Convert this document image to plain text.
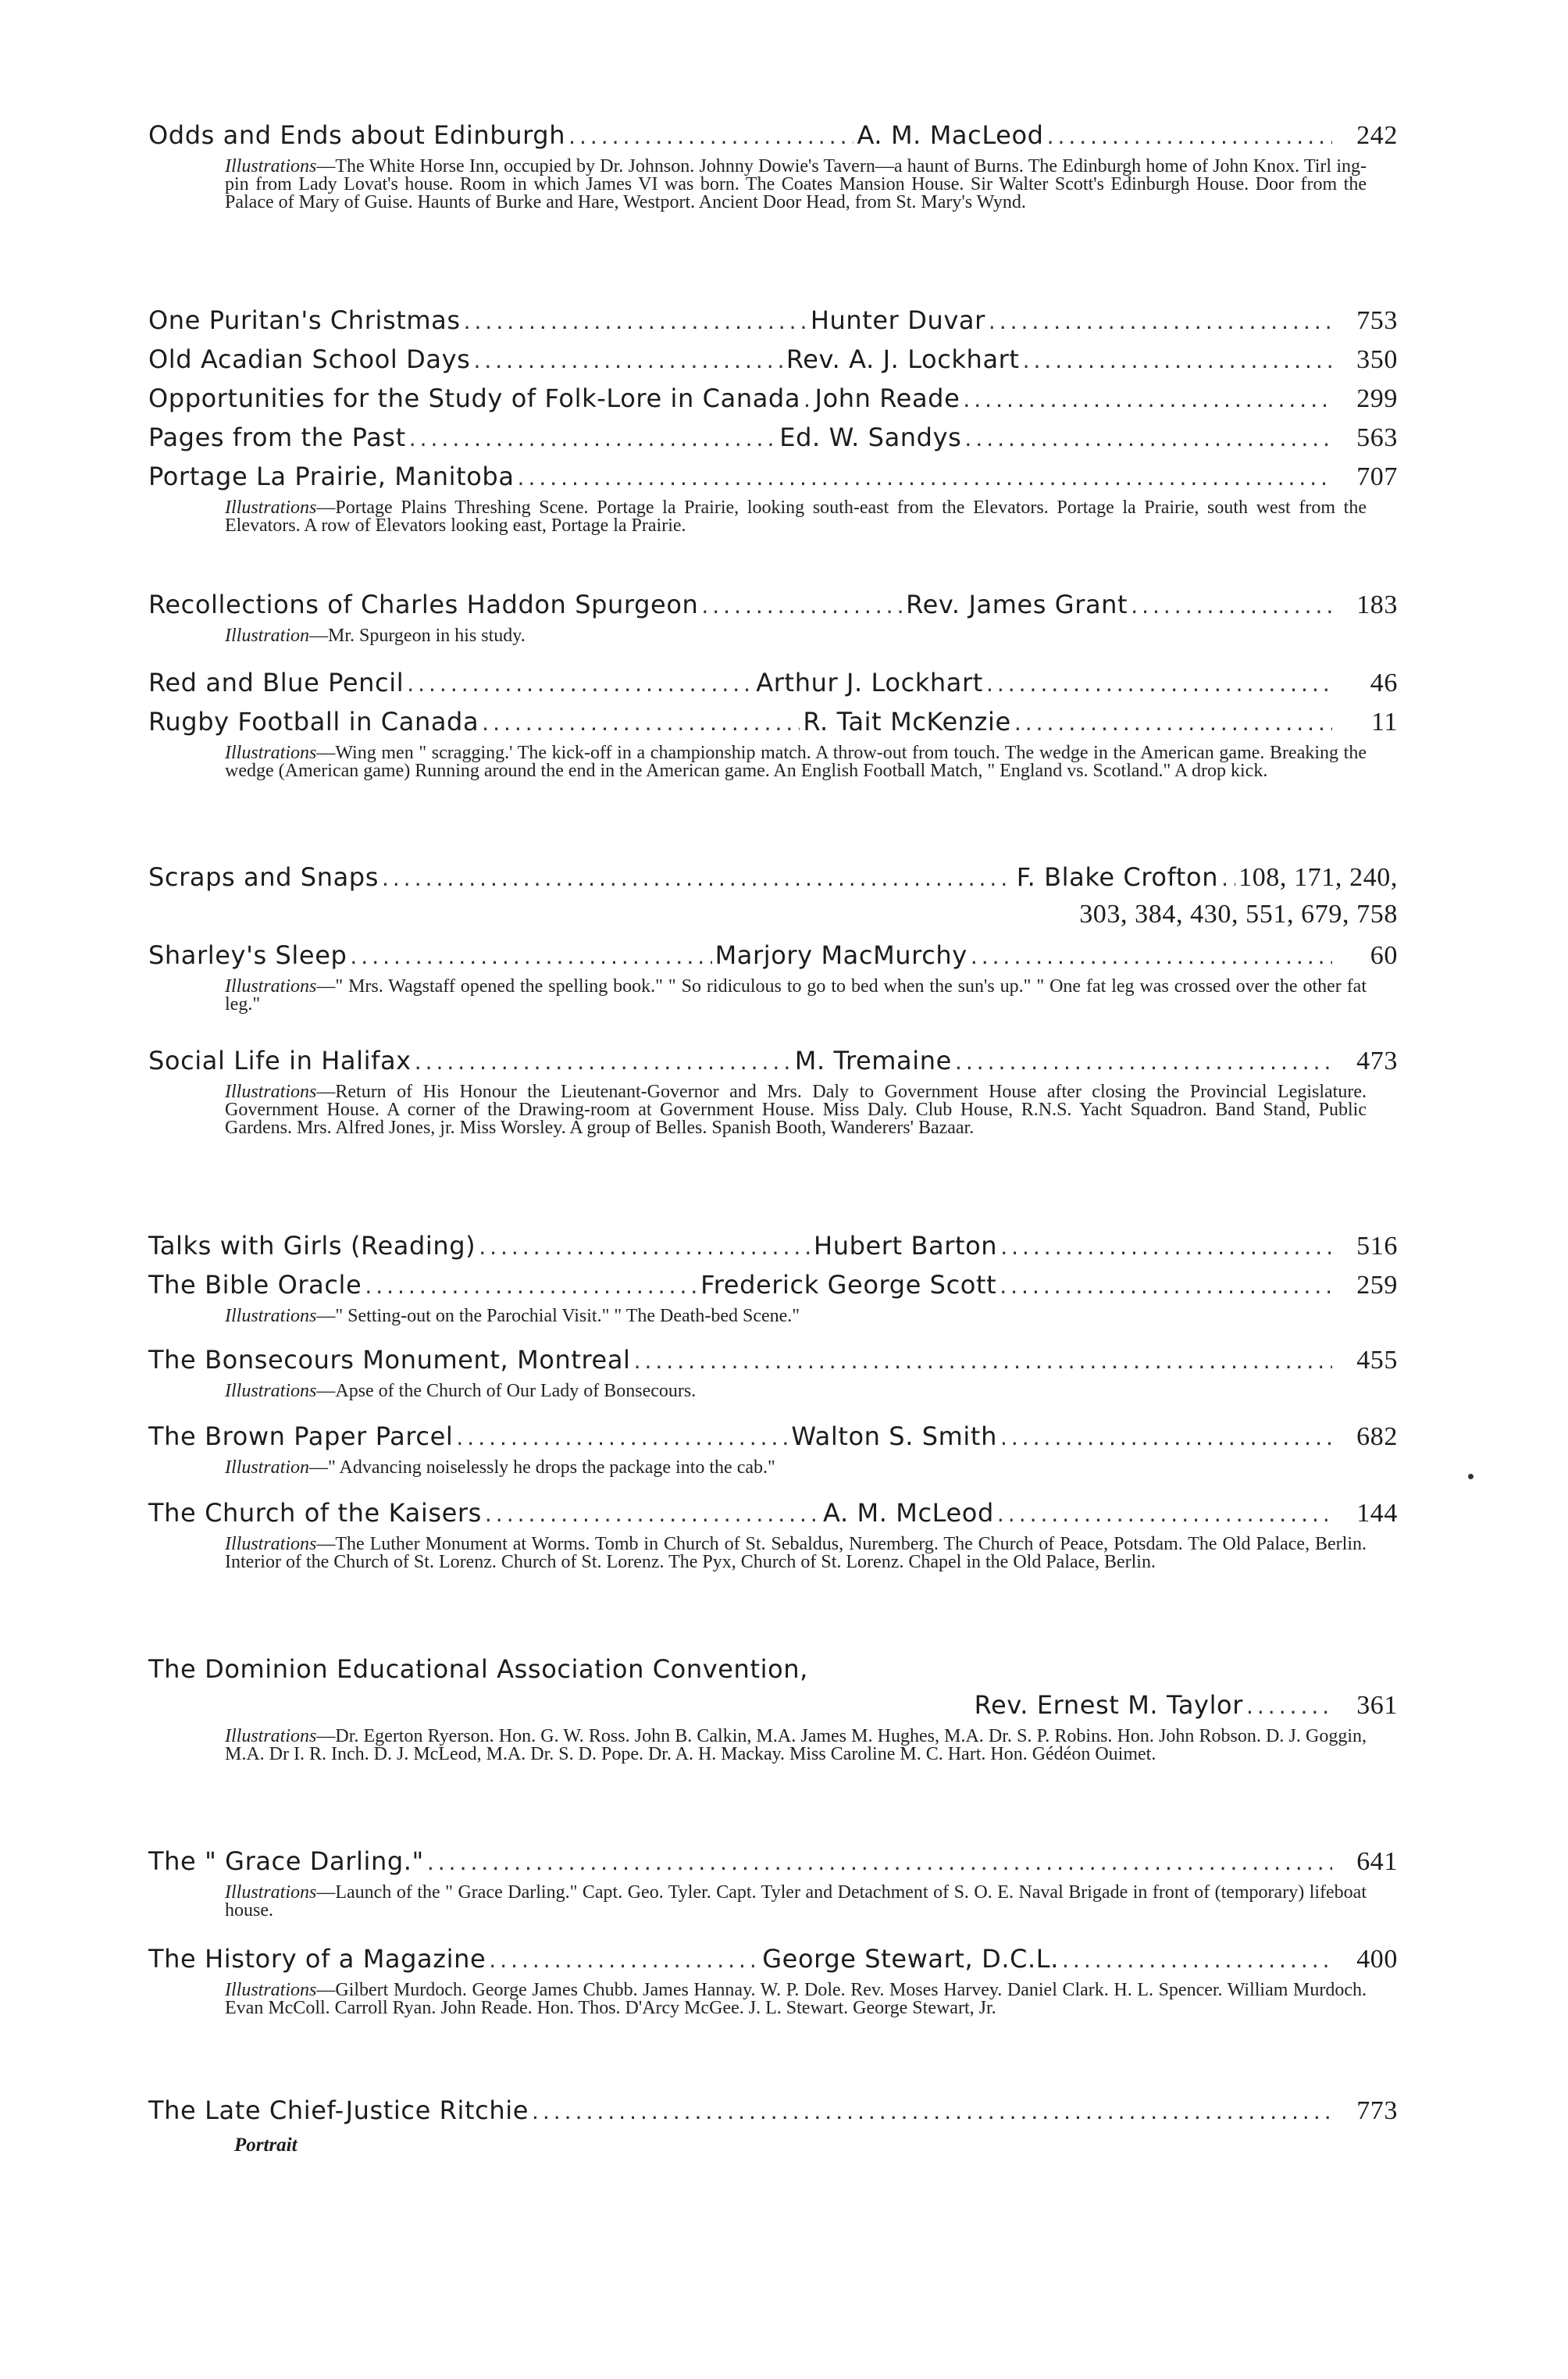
Odds and Ends about Edinburgh .....	A. M. MacLeod .....	242
Illustrations—The White Horse Inn, occupied by Dr. Johnson. Johnny Dowie's Tavern—a haunt of Burns. The Edinburgh home of John Knox. Tirl ing-pin from Lady Lovat's house. Room in which James VI was born. The Coates Mansion House. Sir Walter Scott's Edinburgh House. Door from the Palace of Mary of Guise. Haunts of Burke and Hare, Westport. Ancient Door Head, from St. Mary's Wynd.
One Puritan's Christmas .....	Hunter Duvar .....	753
Old Acadian School Days .....	Rev. A. J. Lockhart .....	350
Opportunities for the Study of Folk-Lore in Canada ...... John Reade .....	299
Pages from the Past .....	Ed. W. Sandys .....	563
Portage La Prairie, Manitoba .....	707
Illustrations—Portage Plains Threshing Scene. Portage la Prairie, looking south-east from the Elevators. Portage la Prairie, south west from the Elevators. A row of Elevators looking east, Portage la Prairie.
Recollections of Charles Haddon Spurgeon .....	Rev. James Grant .....	183
Illustration—Mr. Spurgeon in his study.
Red and Blue Pencil .....	Arthur J. Lockhart .....	46
Rugby Football in Canada .....	R. Tait McKenzie .....	11
Illustrations—Wing men " scragging.' The kick-off in a championship match. A throw-out from touch. The wedge in the American game. Breaking the wedge (American game) Running around the end in the American game. An English Football Match, " England vs. Scotland." A drop kick.
Scraps and Snaps .....	F. Blake Crofton ...... 108, 171, 240,
303, 384, 430, 551, 679, 758
Sharley's Sleep .....	Marjory MacMurchy .....	60
Illustrations—" Mrs. Wagstaff opened the spelling book." " So ridiculous to go to bed when the sun's up." " One fat leg was crossed over the other fat leg."
Social Life in Halifax .....	M. Tremaine .....	473
Illustrations—Return of His Honour the Lieutenant-Governor and Mrs. Daly to Government House after closing the Provincial Legislature. Government House. A corner of the Drawing-room at Government House. Miss Daly. Club House, R.N.S. Yacht Squadron. Band Stand, Public Gardens. Mrs. Alfred Jones, jr. Miss Worsley. A group of Belles. Spanish Booth, Wanderers' Bazaar.
Talks with Girls (Reading) .....	Hubert Barton .....	516
The Bible Oracle .....	Frederick George Scott .....	259
Illustrations—" Setting-out on the Parochial Visit." " The Death-bed Scene."
The Bonsecours Monument, Montreal .....	455
Illustrations—Apse of the Church of Our Lady of Bonsecours.
The Brown Paper Parcel .....	Walton S. Smith .....	682
Illustration—" Advancing noiselessly he drops the package into the cab."
The Church of the Kaisers .....	A. M. McLeod .....	144
Illustrations—The Luther Monument at Worms. Tomb in Church of St. Sebaldus, Nuremberg. The Church of Peace, Potsdam. The Old Palace, Berlin. Interior of the Church of St. Lorenz. Church of St. Lorenz. The Pyx, Church of St. Lorenz. Chapel in the Old Palace, Berlin.
The Dominion Educational Association Convention,
Rev. Ernest M. Taylor .....	361
Illustrations—Dr. Egerton Ryerson. Hon. G. W. Ross. John B. Calkin, M.A. James M. Hughes, M.A. Dr. S. P. Robins. Hon. John Robson. D. J. Goggin, M.A. Dr I. R. Inch. D. J. McLeod, M.A. Dr. S. D. Pope. Dr. A. H. Mackay. Miss Caroline M. C. Hart. Hon. Gédéon Ouimet.
The " Grace Darling." .....	641
Illustrations—Launch of the " Grace Darling." Capt. Geo. Tyler. Capt. Tyler and Detachment of S. O. E. Naval Brigade in front of (temporary) lifeboat house.
The History of a Magazine .....	George Stewart, D.C.L. .....	400
Illustrations—Gilbert Murdoch. George James Chubb. James Hannay. W. P. Dole. Rev. Moses Harvey. Daniel Clark. H. L. Spencer. William Murdoch. Evan McColl. Carroll Ryan. John Reade. Hon. Thos. D'Arcy McGee. J. L. Stewart. George Stewart, Jr.
The Late Chief-Justice Ritchie .....	773
Portrait
